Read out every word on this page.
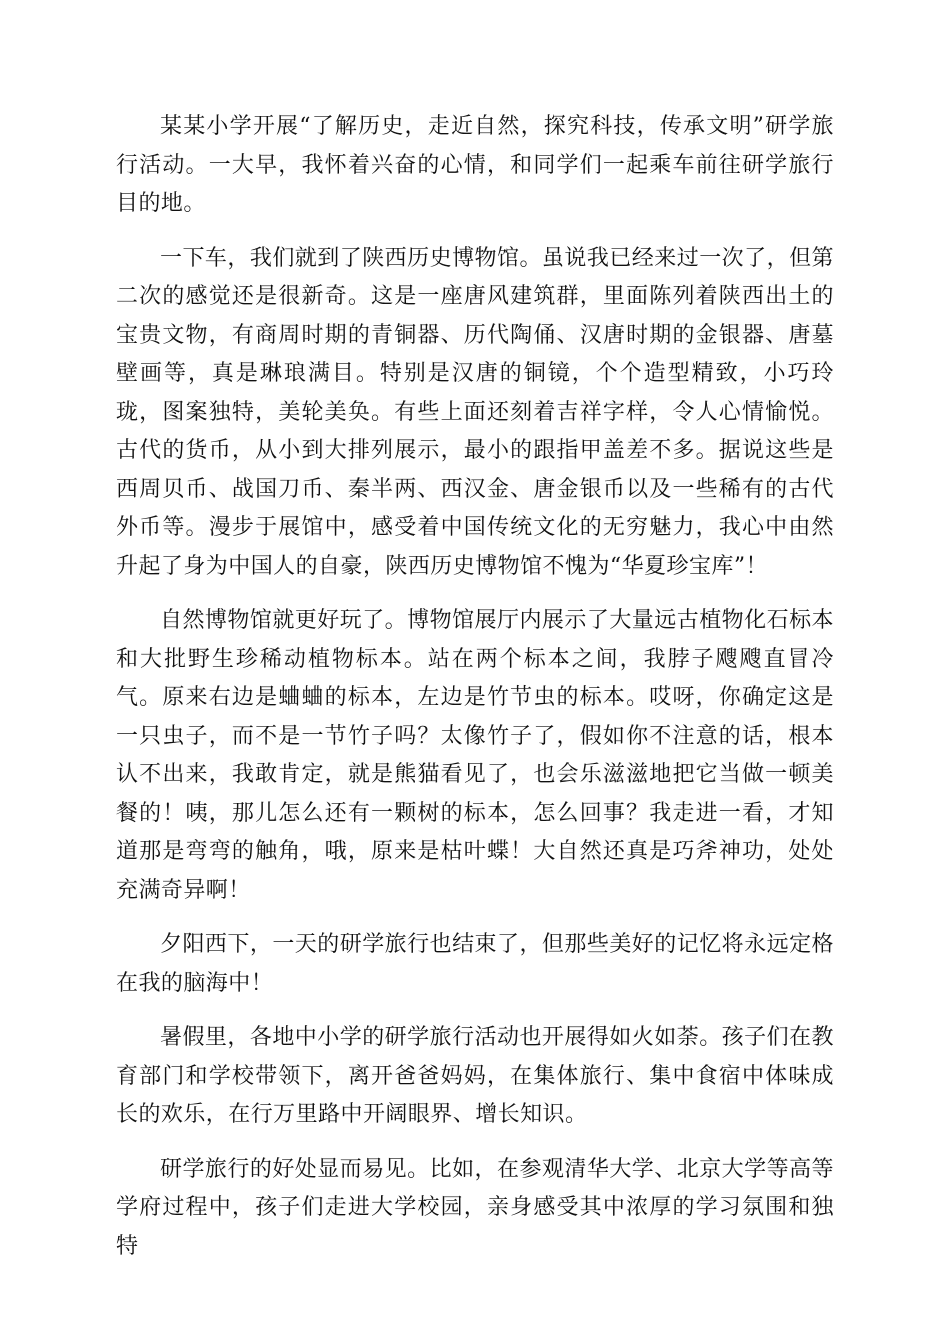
某某小学开展“了解历史，走近自然，探究科技，传承文明”研学旅行活动。一大早，我怀着兴奋的心情，和同学们一起乘车前往研学旅行目的地。

一下车，我们就到了陕西历史博物馆。虽说我已经来过一次了，但第二次的感觉还是很新奇。这是一座唐风建筑群，里面陈列着陕西出土的宝贵文物，有商周时期的青铜器、历代陶俑、汉唐时期的金银器、唐墓壁画等，真是琳琅满目。特别是汉唐的铜镜，个个造型精致，小巧玲珑，图案独特，美轮美奂。有些上面还刻着吉祥字样，令人心情愉悦。古代的货币，从小到大排列展示，最小的跟指甲盖差不多。据说这些是西周贝币、战国刀币、秦半两、西汉金、唐金银币以及一些稀有的古代外币等。漫步于展馆中，感受着中国传统文化的无穷魅力，我心中由然升起了身为中国人的自豪，陕西历史博物馆不愧为“华夏珍宝库”！

自然博物馆就更好玩了。博物馆展厅内展示了大量远古植物化石标本和大批野生珍稀动植物标本。站在两个标本之间，我脖子飕飕直冒冷气。原来右边是蛐蛐的标本，左边是竹节虫的标本。哎呀，你确定这是一只虫子，而不是一节竹子吗？太像竹子了，假如你不注意的话，根本认不出来，我敢肯定，就是熊猫看见了，也会乐滋滋地把它当做一顿美餐的！咦，那儿怎么还有一颗树的标本，怎么回事？我走进一看，才知道那是弯弯的触角，哦，原来是枯叶蝶！大自然还真是巧斧神功，处处充满奇异啊！

夕阳西下，一天的研学旅行也结束了，但那些美好的记忆将永远定格在我的脑海中！

暑假里，各地中小学的研学旅行活动也开展得如火如荼。孩子们在教育部门和学校带领下，离开爸爸妈妈，在集体旅行、集中食宿中体味成长的欢乐，在行万里路中开阔眼界、增长知识。

研学旅行的好处显而易见。比如，在参观清华大学、北京大学等高等学府过程中，孩子们走进大学校园，亲身感受其中浓厚的学习氛围和独特
